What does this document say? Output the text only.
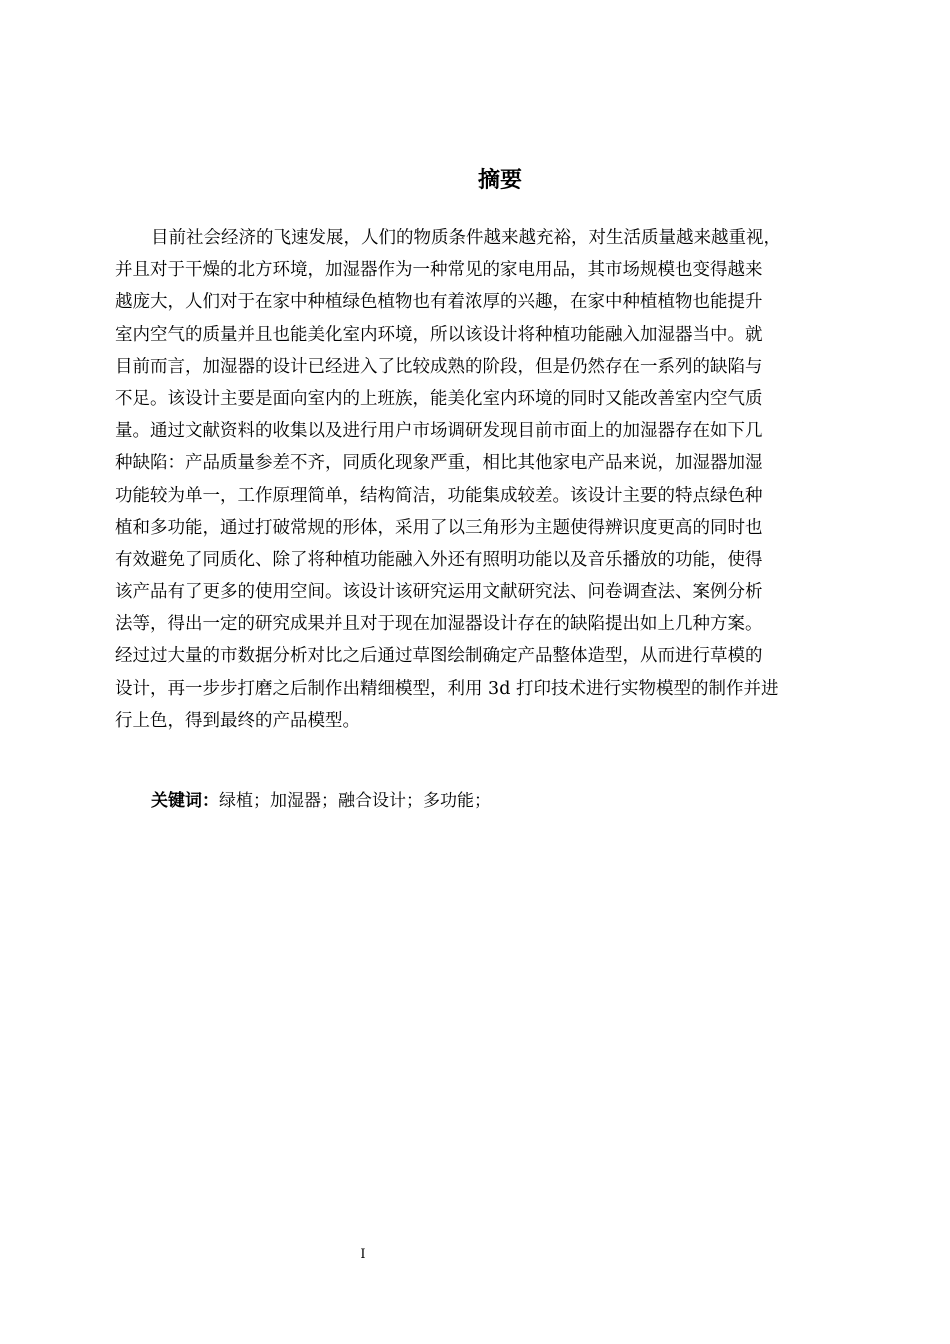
摘要
目前社会经济的飞速发展，人们的物质条件越来越充裕，对生活质量越来越重视，
并且对于干燥的北方环境，加湿器作为一种常见的家电用品，其市场规模也变得越来
越庞大，人们对于在家中种植绿色植物也有着浓厚的兴趣，在家中种植植物也能提升
室内空气的质量并且也能美化室内环境，所以该设计将种植功能融入加湿器当中。就
目前而言，加湿器的设计已经进入了比较成熟的阶段，但是仍然存在一系列的缺陷与
不足。该设计主要是面向室内的上班族，能美化室内环境的同时又能改善室内空气质
量。通过文献资料的收集以及进行用户市场调研发现目前市面上的加湿器存在如下几
种缺陷：产品质量参差不齐，同质化现象严重，相比其他家电产品来说，加湿器加湿
功能较为单一，工作原理简单，结构简洁，功能集成较差。该设计主要的特点绿色种
植和多功能，通过打破常规的形体，采用了以三角形为主题使得辨识度更高的同时也
有效避免了同质化、除了将种植功能融入外还有照明功能以及音乐播放的功能，使得
该产品有了更多的使用空间。该设计该研究运用文献研究法、问卷调查法、案例分析
法等，得出一定的研究成果并且对于现在加湿器设计存在的缺陷提出如上几种方案。
经过过大量的市数据分析对比之后通过草图绘制确定产品整体造型，从而进行草模的
设计，再一步步打磨之后制作出精细模型，利用 3d 打印技术进行实物模型的制作并进
行上色，得到最终的产品模型。
关键词：绿植；加湿器；融合设计；多功能；
I
